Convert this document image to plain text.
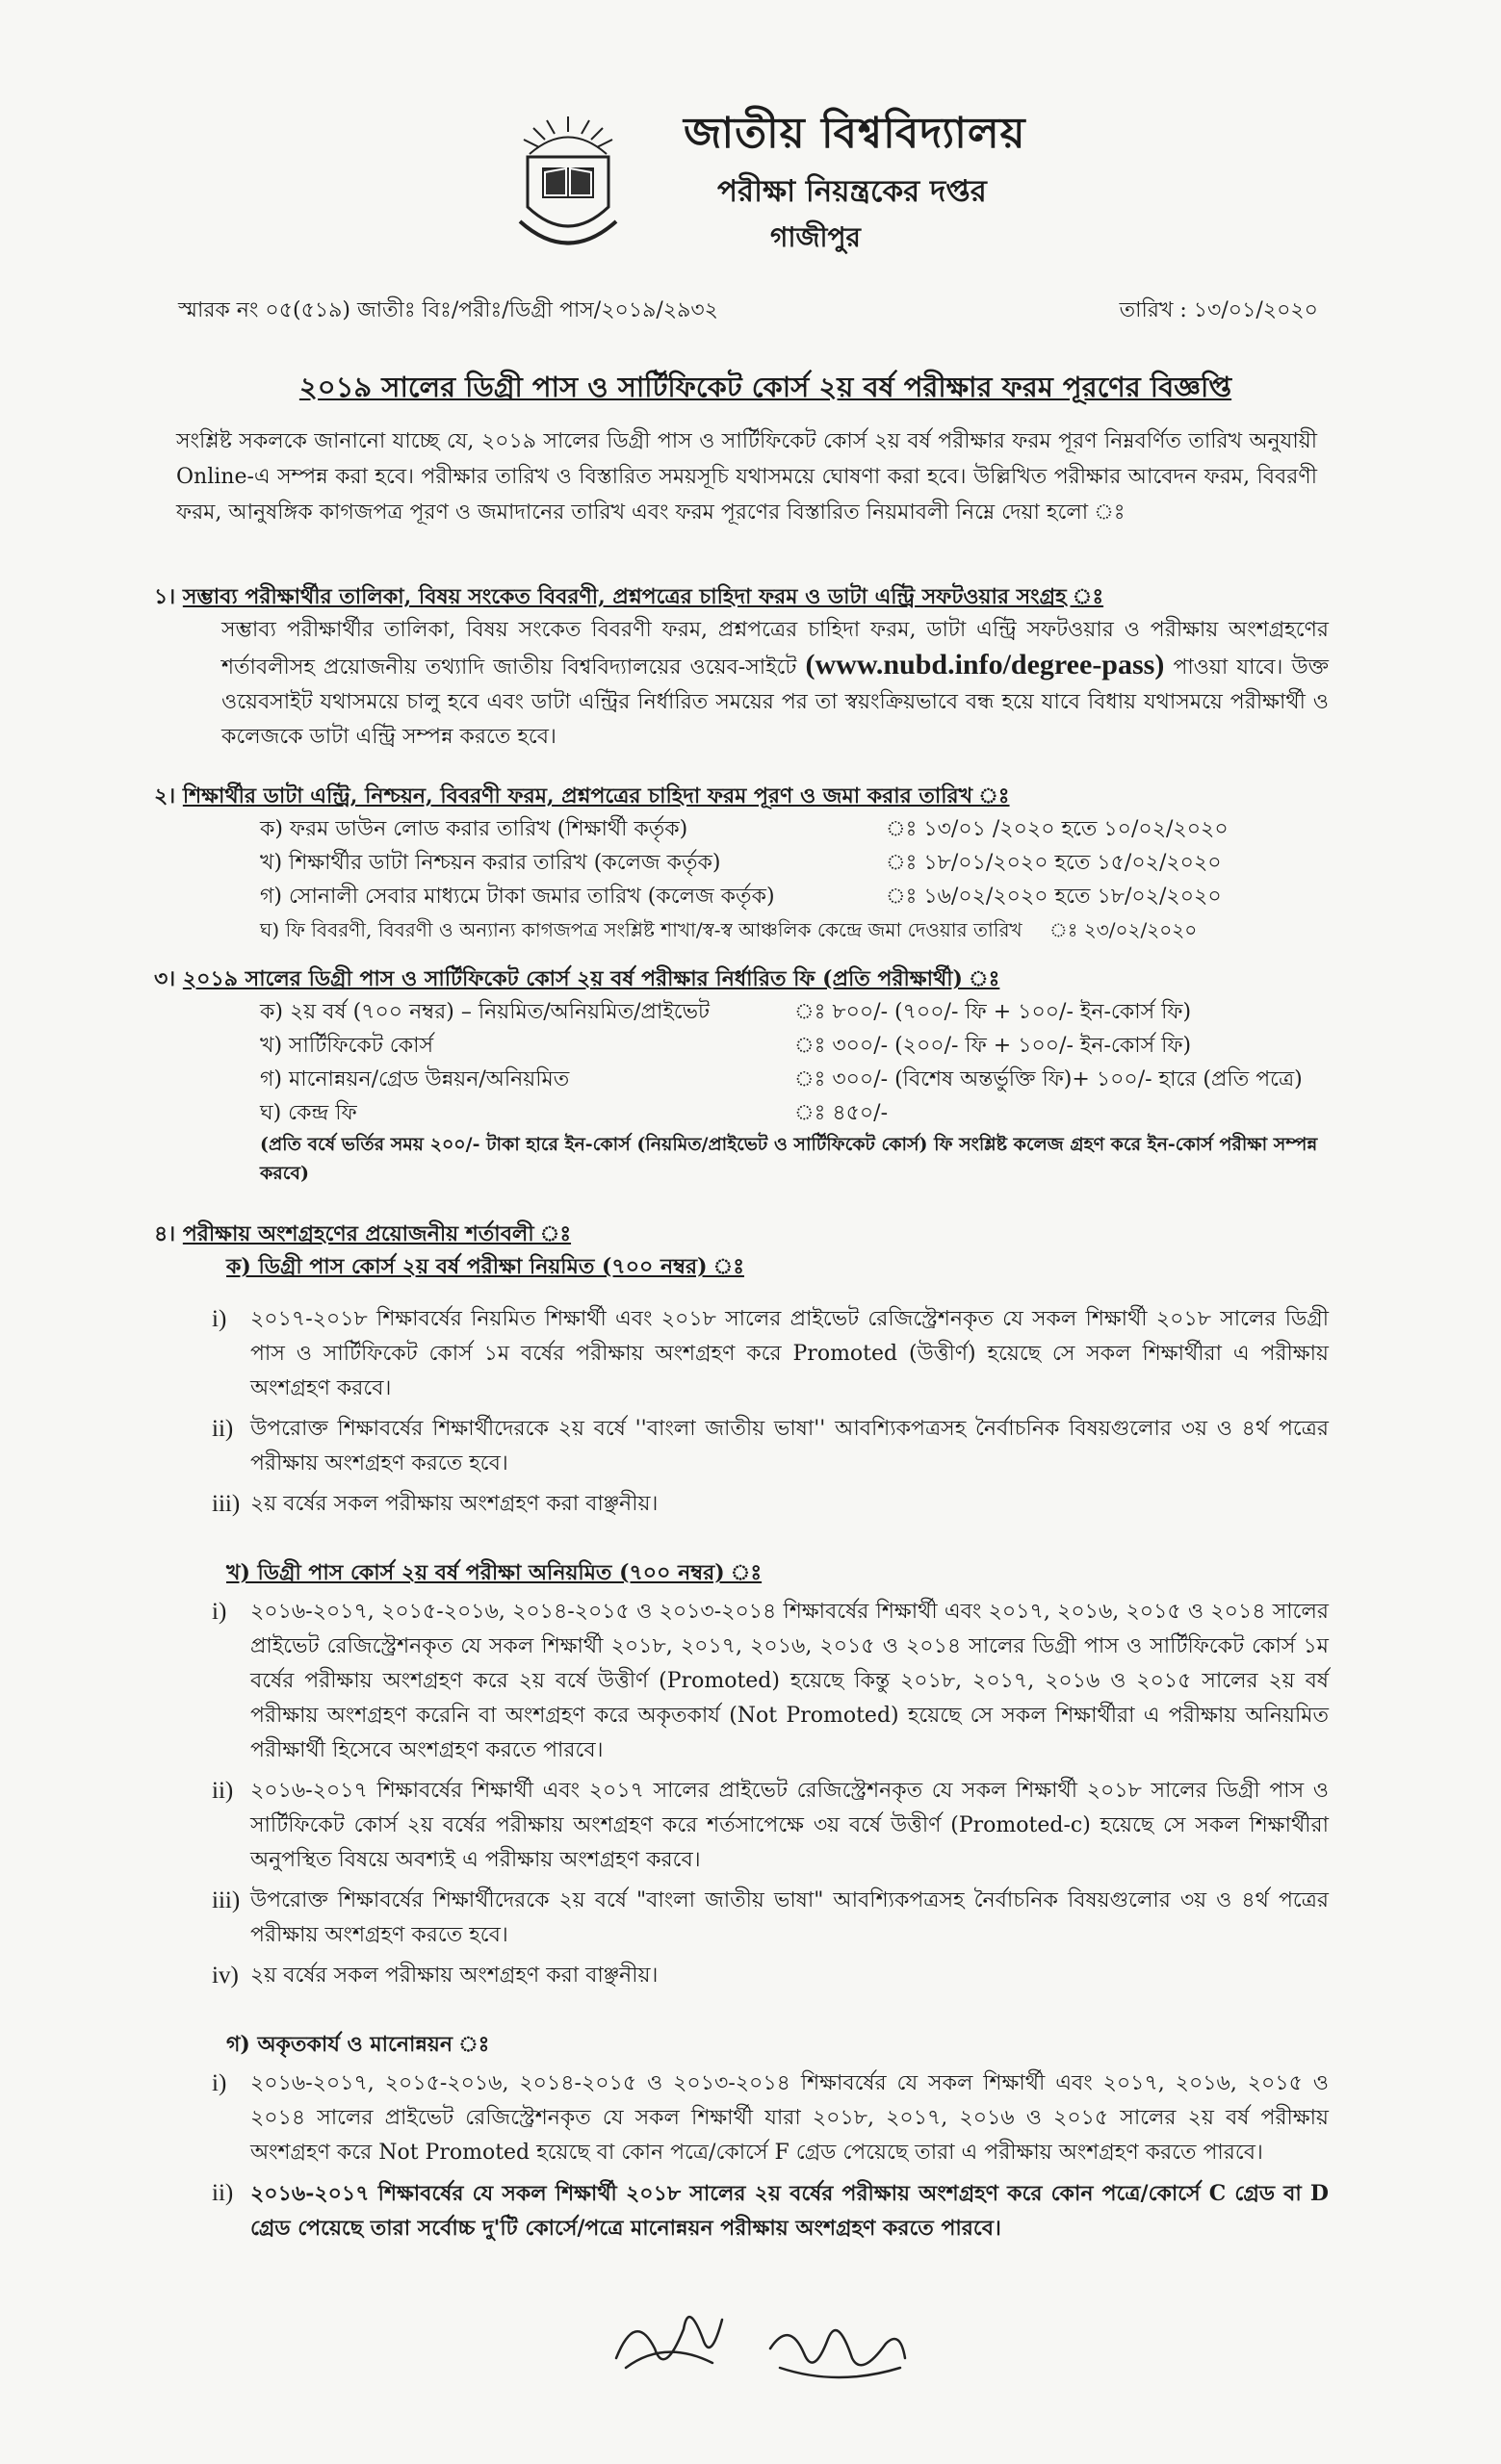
জাতীয় বিশ্ববিদ্যালয়
পরীক্ষা নিয়ন্ত্রকের দপ্তর
গাজীপুর
স্মারক নং ০৫(৫১৯) জাতীঃ বিঃ/পরীঃ/ডিগ্রী পাস/২০১৯/২৯৩২	তারিখ : ১৩/০১/২০২০
২০১৯ সালের ডিগ্রী পাস ও সার্টিফিকেট কোর্স ২য় বর্ষ পরীক্ষার ফরম পূরণের বিজ্ঞপ্তি
সংশ্লিষ্ট সকলকে জানানো যাচ্ছে যে, ২০১৯ সালের ডিগ্রী পাস ও সার্টিফিকেট কোর্স ২য় বর্ষ পরীক্ষার ফরম পূরণ নিম্নবর্ণিত তারিখ অনুযায়ী Online-এ সম্পন্ন করা হবে। পরীক্ষার তারিখ ও বিস্তারিত সময়সূচি যথাসময়ে ঘোষণা করা হবে। উল্লিখিত পরীক্ষার আবেদন ফরম, বিবরণী ফরম, আনুষঙ্গিক কাগজপত্র পূরণ ও জমাদানের তারিখ এবং ফরম পূরণের বিস্তারিত নিয়মাবলী নিম্নে দেয়া হলো ঃ
১। সম্ভাব্য পরীক্ষার্থীর তালিকা, বিষয় সংকেত বিবরণী, প্রশ্নপত্রের চাহিদা ফরম ও ডাটা এন্ট্রি সফটওয়ার সংগ্রহ ঃ
সম্ভাব্য পরীক্ষার্থীর তালিকা, বিষয় সংকেত বিবরণী ফরম, প্রশ্নপত্রের চাহিদা ফরম, ডাটা এন্ট্রি সফটওয়ার ও পরীক্ষায় অংশগ্রহণের শর্তাবলীসহ প্রয়োজনীয় তথ্যাদি জাতীয় বিশ্ববিদ্যালয়ের ওয়েব-সাইটে (www.nubd.info/degree-pass) পাওয়া যাবে। উক্ত ওয়েবসাইট যথাসময়ে চালু হবে এবং ডাটা এন্ট্রির নির্ধারিত সময়ের পর তা স্বয়ংক্রিয়ভাবে বন্ধ হয়ে যাবে বিধায় যথাসময়ে পরীক্ষার্থী ও কলেজকে ডাটা এন্ট্রি সম্পন্ন করতে হবে।
২। শিক্ষার্থীর ডাটা এন্ট্রি, নিশ্চয়ন, বিবরণী ফরম, প্রশ্নপত্রের চাহিদা ফরম পূরণ ও জমা করার তারিখ ঃ
ক) ফরম ডাউন লোড করার তারিখ (শিক্ষার্থী কর্তৃক)	ঃ ১৩/০১ /২০২০ হতে ১০/০২/২০২০
খ) শিক্ষার্থীর ডাটা নিশ্চয়ন করার তারিখ (কলেজ কর্তৃক)	ঃ ১৮/০১/২০২০ হতে ১৫/০২/২০২০
গ) সোনালী সেবার মাধ্যমে টাকা জমার তারিখ (কলেজ কর্তৃক)	ঃ ১৬/০২/২০২০ হতে ১৮/০২/২০২০
ঘ) ফি বিবরণী, বিবরণী ও অন্যান্য কাগজপত্র সংশ্লিষ্ট শাখা/স্ব-স্ব আঞ্চলিক কেন্দ্রে জমা দেওয়ার তারিখ	ঃ ২৩/০২/২০২০
৩। ২০১৯ সালের ডিগ্রী পাস ও সার্টিফিকেট কোর্স ২য় বর্ষ পরীক্ষার নির্ধারিত ফি (প্রতি পরীক্ষার্থী) ঃ
ক) ২য় বর্ষ (৭০০ নম্বর) – নিয়মিত/অনিয়মিত/প্রাইভেট	ঃ ৮০০/- (৭০০/- ফি + ১০০/- ইন-কোর্স ফি)
খ) সার্টিফিকেট কোর্স	ঃ ৩০০/- (২০০/- ফি + ১০০/- ইন-কোর্স ফি)
গ) মানোন্নয়ন/গ্রেড উন্নয়ন/অনিয়মিত	ঃ ৩০০/- (বিশেষ অন্তর্ভুক্তি ফি)+ ১০০/- হারে (প্রতি পত্রে)
ঘ) কেন্দ্র ফি	ঃ ৪৫০/-
(প্রতি বর্ষে ভর্তির সময় ২০০/- টাকা হারে ইন-কোর্স (নিয়মিত/প্রাইভেট ও সার্টিফিকেট কোর্স) ফি সংশ্লিষ্ট কলেজ গ্রহণ করে ইন-কোর্স পরীক্ষা সম্পন্ন করবে)
৪। পরীক্ষায় অংশগ্রহণের প্রয়োজনীয় শর্তাবলী ঃ
ক) ডিগ্রী পাস কোর্স ২য় বর্ষ পরীক্ষা নিয়মিত (৭০০ নম্বর) ঃ
i)	২০১৭-২০১৮ শিক্ষাবর্ষের নিয়মিত শিক্ষার্থী এবং ২০১৮ সালের প্রাইভেট রেজিস্ট্রেশনকৃত যে সকল শিক্ষার্থী ২০১৮ সালের ডিগ্রী পাস ও সার্টিফিকেট কোর্স ১ম বর্ষের পরীক্ষায় অংশগ্রহণ করে Promoted (উত্তীর্ণ) হয়েছে সে সকল শিক্ষার্থীরা এ পরীক্ষায় অংশগ্রহণ করবে।
ii) উপরোক্ত শিক্ষাবর্ষের শিক্ষার্থীদেরকে ২য় বর্ষে ''বাংলা জাতীয় ভাষা'' আবশ্যিকপত্রসহ নৈর্বাচনিক বিষয়গুলোর ৩য় ও ৪র্থ পত্রের পরীক্ষায় অংশগ্রহণ করতে হবে।
iii) ২য় বর্ষের সকল পরীক্ষায় অংশগ্রহণ করা বাঞ্ছনীয়।
খ) ডিগ্রী পাস কোর্স ২য় বর্ষ পরীক্ষা অনিয়মিত (৭০০ নম্বর) ঃ
i)	২০১৬-২০১৭, ২০১৫-২০১৬, ২০১৪-২০১৫ ও ২০১৩-২০১৪ শিক্ষাবর্ষের শিক্ষার্থী এবং ২০১৭, ২০১৬, ২০১৫ ও ২০১৪ সালের প্রাইভেট রেজিস্ট্রেশনকৃত যে সকল শিক্ষার্থী ২০১৮, ২০১৭, ২০১৬, ২০১৫ ও ২০১৪ সালের ডিগ্রী পাস ও সার্টিফিকেট কোর্স ১ম বর্ষের পরীক্ষায় অংশগ্রহণ করে ২য় বর্ষে উত্তীর্ণ (Promoted) হয়েছে কিন্তু ২০১৮, ২০১৭, ২০১৬ ও ২০১৫ সালের ২য় বর্ষ পরীক্ষায় অংশগ্রহণ করেনি বা অংশগ্রহণ করে অকৃতকার্য (Not Promoted) হয়েছে সে সকল শিক্ষার্থীরা এ পরীক্ষায় অনিয়মিত পরীক্ষার্থী হিসেবে অংশগ্রহণ করতে পারবে।
ii) ২০১৬-২০১৭ শিক্ষাবর্ষের শিক্ষার্থী এবং ২০১৭ সালের প্রাইভেট রেজিস্ট্রেশনকৃত যে সকল শিক্ষার্থী ২০১৮ সালের ডিগ্রী পাস ও সার্টিফিকেট কোর্স ২য় বর্ষের পরীক্ষায় অংশগ্রহণ করে শর্তসাপেক্ষে ৩য় বর্ষে উত্তীর্ণ (Promoted-c) হয়েছে সে সকল শিক্ষার্থীরা অনুপস্থিত বিষয়ে অবশ্যই এ পরীক্ষায় অংশগ্রহণ করবে।
iii) উপরোক্ত শিক্ষাবর্ষের শিক্ষার্থীদেরকে ২য় বর্ষে "বাংলা জাতীয় ভাষা" আবশ্যিকপত্রসহ নৈর্বাচনিক বিষয়গুলোর ৩য় ও ৪র্থ পত্রের পরীক্ষায় অংশগ্রহণ করতে হবে।
iv) ২য় বর্ষের সকল পরীক্ষায় অংশগ্রহণ করা বাঞ্ছনীয়।
গ) অকৃতকার্য ও মানোন্নয়ন ঃ
i)	২০১৬-২০১৭, ২০১৫-২০১৬, ২০১৪-২০১৫ ও ২০১৩-২০১৪ শিক্ষাবর্ষের যে সকল শিক্ষার্থী এবং ২০১৭, ২০১৬, ২০১৫ ও ২০১৪ সালের প্রাইভেট রেজিস্ট্রেশনকৃত যে সকল শিক্ষার্থী যারা ২০১৮, ২০১৭, ২০১৬ ও ২০১৫ সালের ২য় বর্ষ পরীক্ষায় অংশগ্রহণ করে Not Promoted হয়েছে বা কোন পত্রে/কোর্সে F গ্রেড পেয়েছে তারা এ পরীক্ষায় অংশগ্রহণ করতে পারবে।
ii) ২০১৬-২০১৭ শিক্ষাবর্ষের যে সকল শিক্ষার্থী ২০১৮ সালের ২য় বর্ষের পরীক্ষায় অংশগ্রহণ করে কোন পত্রে/কোর্সে C গ্রেড বা D গ্রেড পেয়েছে তারা সর্বোচ্চ দু'টি কোর্সে/পত্রে মানোন্নয়ন পরীক্ষায় অংশগ্রহণ করতে পারবে।
